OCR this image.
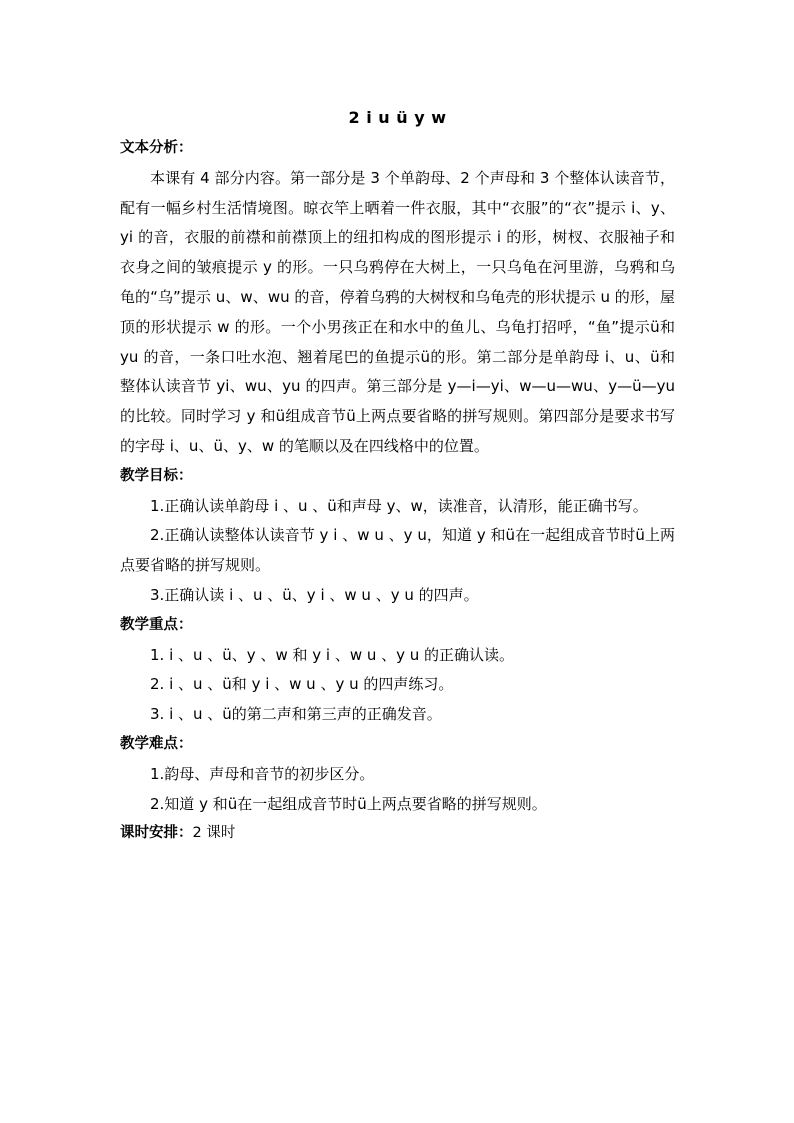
2 i u ü y w
文本分析：

本课有 4 部分内容。第一部分是 3 个单韵母、2 个声母和 3 个整体认读音节，配有一幅乡村生活情境图。晾衣竿上晒着一件衣服，其中“衣服”的“衣”提示 i、y、yi 的音，衣服的前襟和前襟顶上的纽扣构成的图形提示 i 的形，树杈、衣服袖子和衣身之间的皱痕提示 y 的形。一只乌鸦停在大树上，一只乌龟在河里游，乌鸦和乌龟的“乌”提示 u、w、wu 的音，停着乌鸦的大树杈和乌龟壳的形状提示 u 的形，屋顶的形状提示 w 的形。一个小男孩正在和水中的鱼儿、乌龟打招呼，“鱼”提示ü和 yu 的音，一条口吐水泡、翘着尾巴的鱼提示ü的形。第二部分是单韵母 i、u、ü和整体认读音节 yi、wu、yu 的四声。第三部分是 y—i—yi、w—u—wu、y—ü—yu 的比较。同时学习 y 和ü组成音节ü上两点要省略的拼写规则。第四部分是要求书写的字母 i、u、ü、y、w 的笔顺以及在四线格中的位置。

教学目标：

1.正确认读单韵母 i 、u 、ü和声母 y、w，读准音，认清形，能正确书写。

2.正确认读整体认读音节 y i 、w u 、y u，知道 y 和ü在一起组成音节时ü上两点要省略的拼写规则。

3.正确认读 i 、u 、ü、y i 、w u 、y u 的四声。

教学重点：

1. i 、u 、ü、y 、w 和 y i 、w u 、y u 的正确认读。

2. i 、u 、ü和 y i 、w u 、y u 的四声练习。

3. i 、u 、ü的第二声和第三声的正确发音。

教学难点：

1.韵母、声母和音节的初步区分。

2.知道 y 和ü在一起组成音节时ü上两点要省略的拼写规则。

课时安排：2 课时
